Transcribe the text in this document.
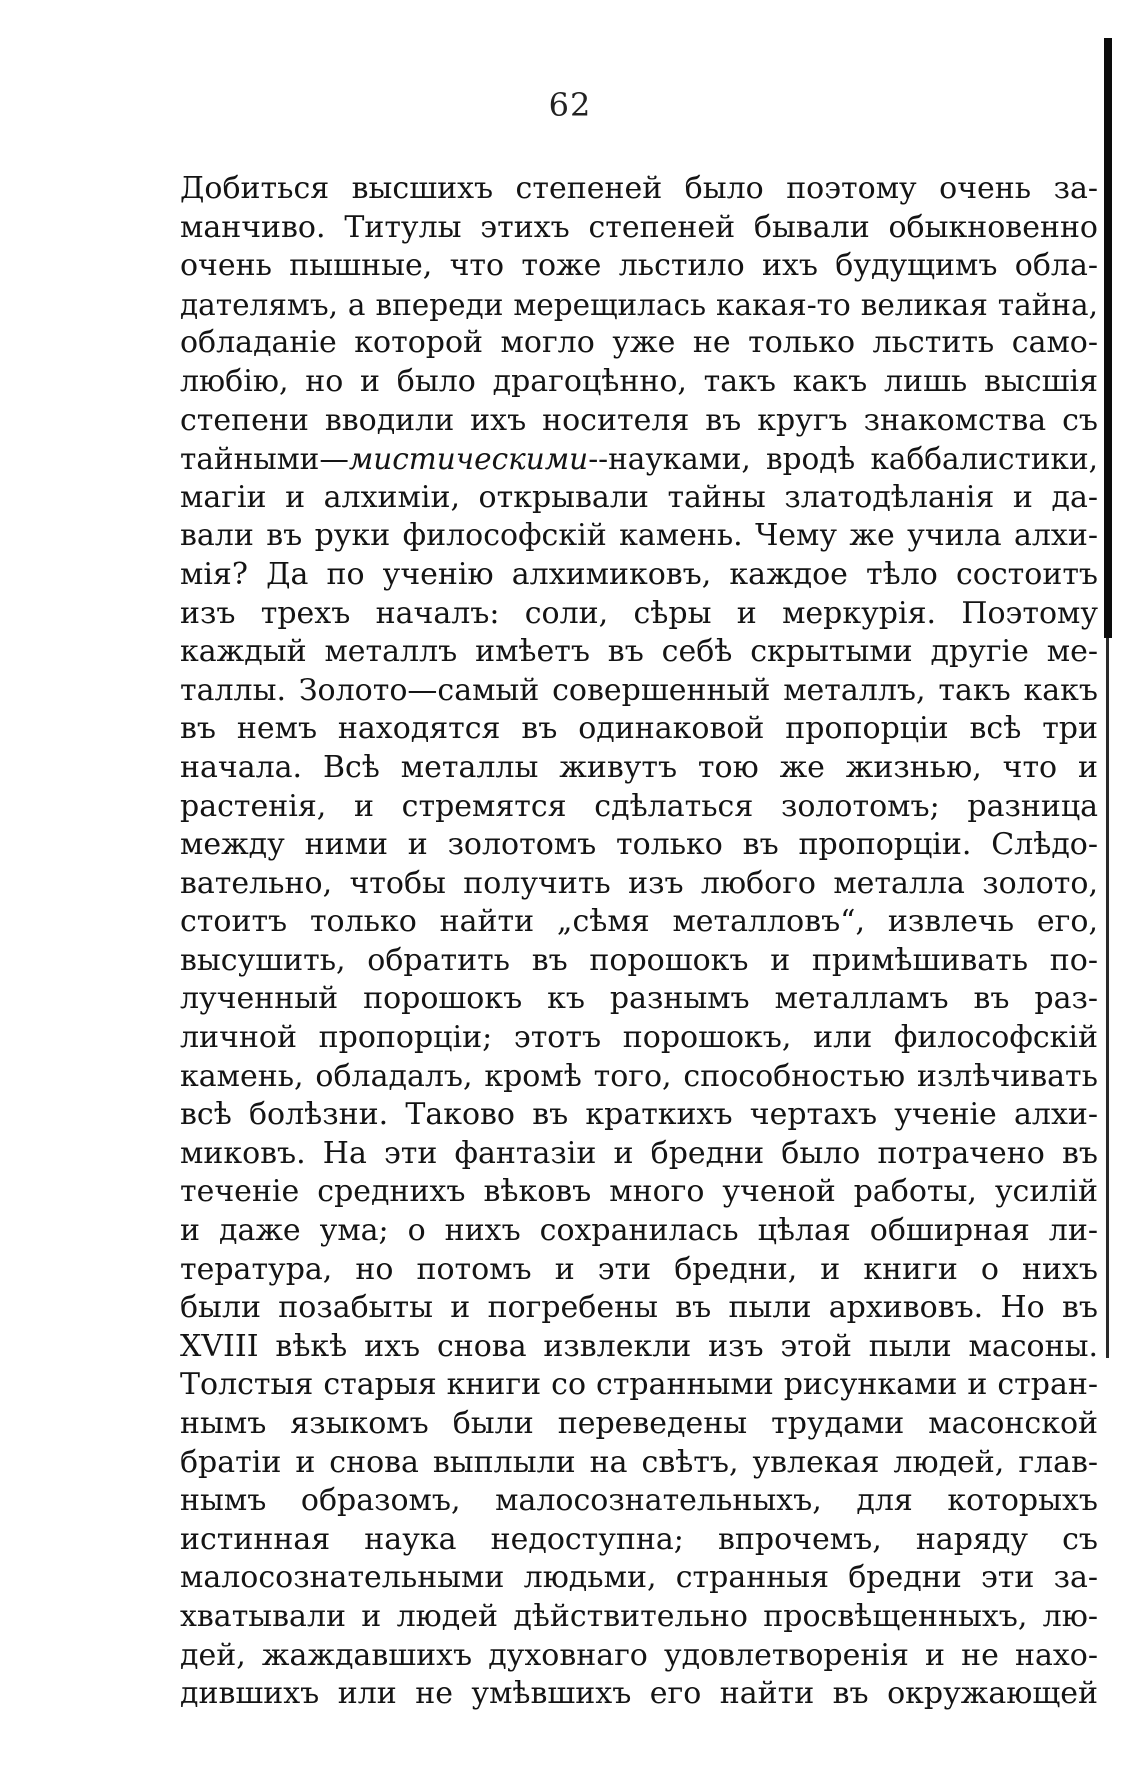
62
Добиться высшихъ степеней было поэтому очень за-
манчиво. Титулы этихъ степеней бывали обыкновенно
очень пышные, что тоже льстило ихъ будущимъ обла-
дателямъ, а впереди мерещилась какая-то великая тайна,
обладаніе которой могло уже не только льстить само-
любію, но и было драгоцѣнно, такъ какъ лишь высшія
степени вводили ихъ носителя въ кругъ знакомства съ
тайными—мистическими--науками, вродѣ каббалистики,
магіи и алхиміи, открывали тайны златодѣланія и да-
вали въ руки философскій камень. Чему же учила алхи-
мія? Да по ученію алхимиковъ, каждое тѣло состоитъ
изъ трехъ началъ: соли, сѣры и меркурія. Поэтому
каждый металлъ имѣетъ въ себѣ скрытыми другіе ме-
таллы. Золото—самый совершенный металлъ, такъ какъ
въ немъ находятся въ одинаковой пропорціи всѣ три
начала. Всѣ металлы живутъ тою же жизнью, что и
растенія, и стремятся сдѣлаться золотомъ; разница
между ними и золотомъ только въ пропорціи. Слѣдо-
вательно, чтобы получить изъ любого металла золото,
стоитъ только найти „сѣмя металловъ“, извлечь его,
высушить, обратить въ порошокъ и примѣшивать по-
лученный порошокъ къ разнымъ металламъ въ раз-
личной пропорціи; этотъ порошокъ, или философскій
камень, обладалъ, кромѣ того, способностью излѣчивать
всѣ болѣзни. Таково въ краткихъ чертахъ ученіе алхи-
миковъ. На эти фантазіи и бредни было потрачено въ
теченіе среднихъ вѣковъ много ученой работы, усилій
и даже ума; о нихъ сохранилась цѣлая обширная ли-
тература, но потомъ и эти бредни, и книги о нихъ
были позабыты и погребены въ пыли архивовъ. Но въ
XVIII вѣкѣ ихъ снова извлекли изъ этой пыли масоны.
Толстыя старыя книги со странными рисунками и стран-
нымъ языкомъ были переведены трудами масонской
братіи и снова выплыли на свѣтъ, увлекая людей, глав-
нымъ образомъ, малосознательныхъ, для которыхъ
истинная наука недоступна; впрочемъ, наряду съ
малосознательными людьми, странныя бредни эти за-
хватывали и людей дѣйствительно просвѣщенныхъ, лю-
дей, жаждавшихъ духовнаго удовлетворенія и не нахо-
дившихъ или не умѣвшихъ его найти въ окружающей
